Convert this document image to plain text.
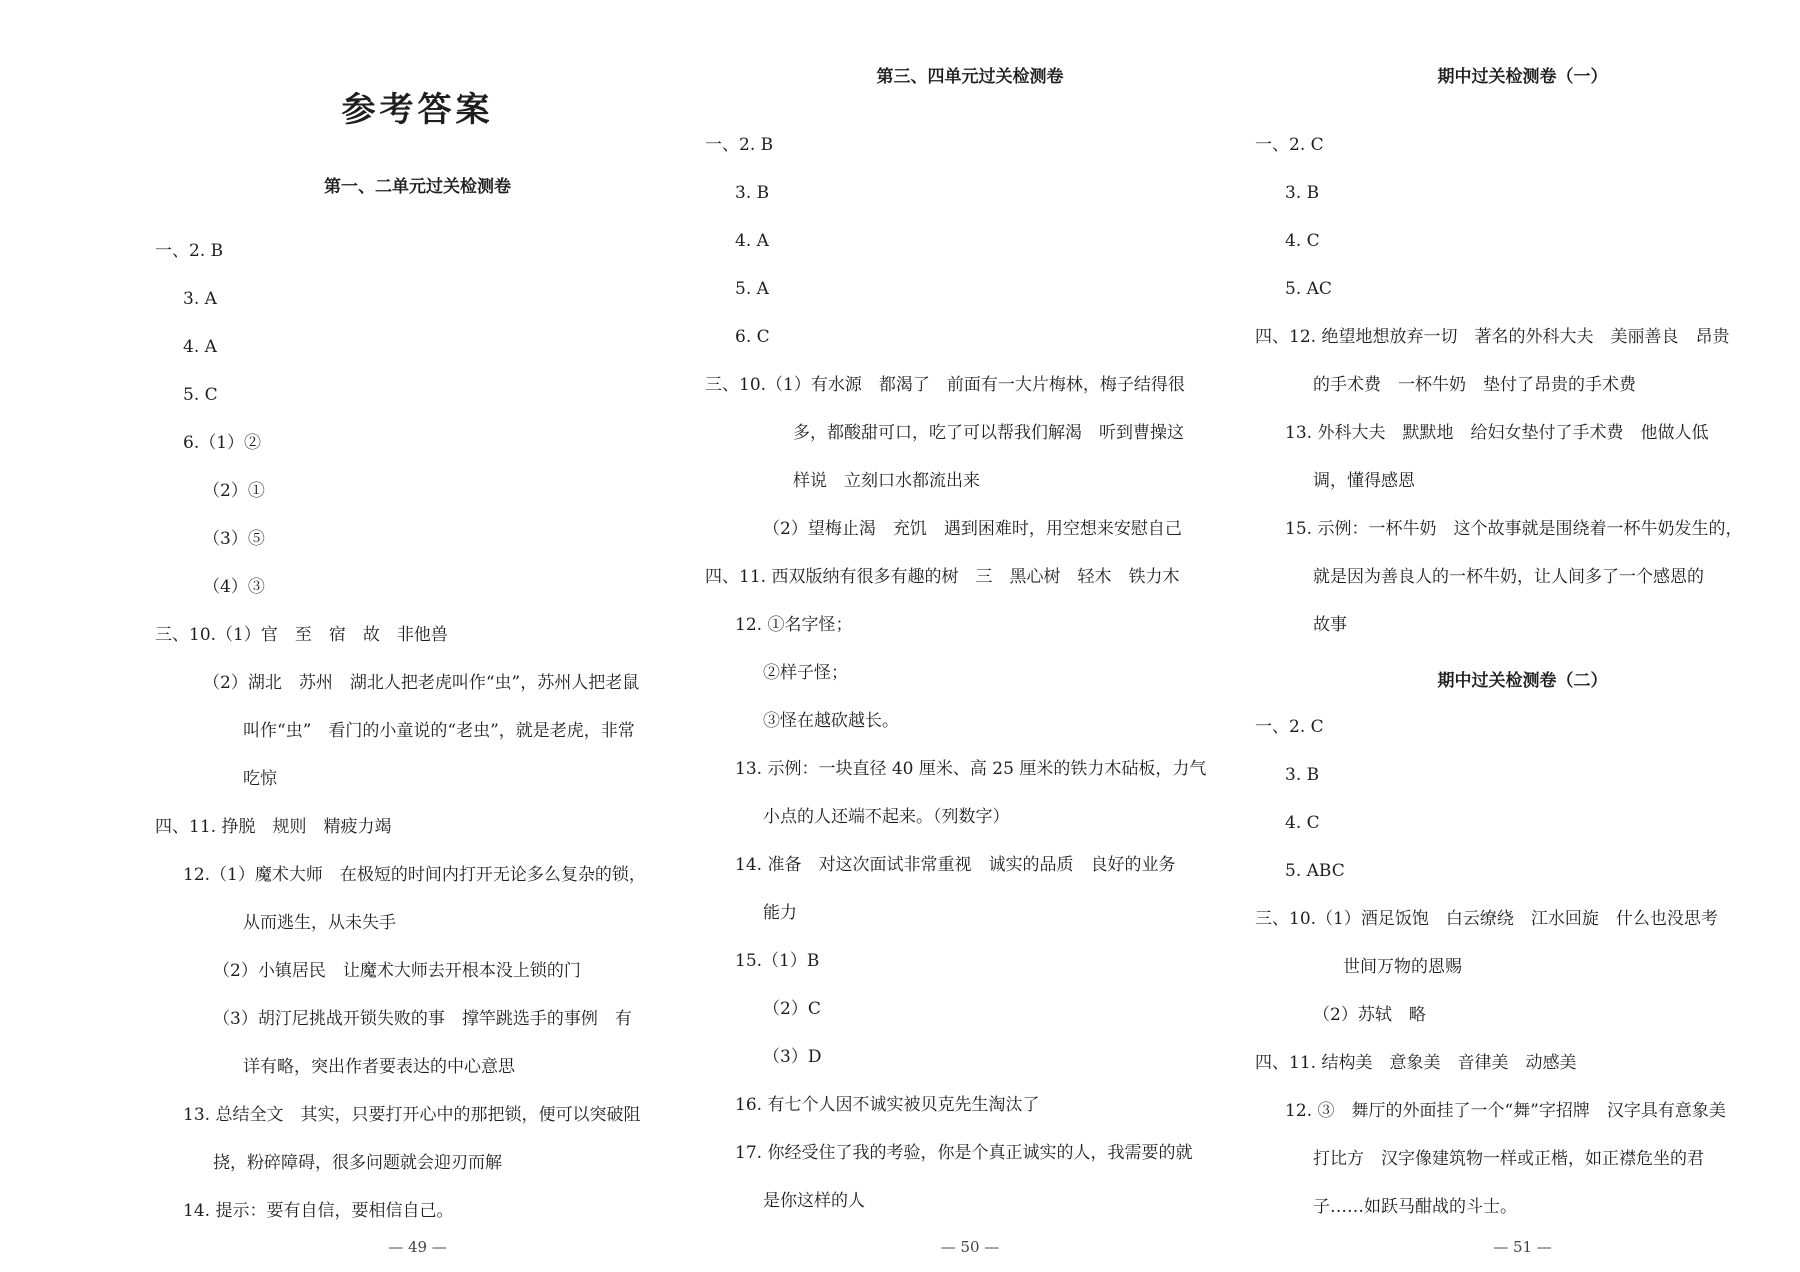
参考答案
第一、二单元过关检测卷
一、2. B
3. A
4. A
5. C
6.（1）②
（2）①
（3）⑤
（4）③
三、10.（1）官　至　宿　故　非他兽
（2）湖北　苏州　湖北人把老虎叫作“虫”，苏州人把老鼠
叫作“虫”　看门的小童说的“老虫”，就是老虎，非常
吃惊
四、11. 挣脱　规则　精疲力竭
12.（1）魔术大师　在极短的时间内打开无论多么复杂的锁，
从而逃生，从未失手
（2）小镇居民　让魔术大师去开根本没上锁的门
（3）胡汀尼挑战开锁失败的事　撑竿跳选手的事例　有
详有略，突出作者要表达的中心意思
13. 总结全文　其实，只要打开心中的那把锁，便可以突破阻
挠，粉碎障碍，很多问题就会迎刃而解
14. 提示：要有自信，要相信自己。
— 49 —
第三、四单元过关检测卷
一、2. B
3. B
4. A
5. A
6. C
三、10.（1）有水源　都渴了　前面有一大片梅林，梅子结得很
多，都酸甜可口，吃了可以帮我们解渴　听到曹操这
样说　立刻口水都流出来
（2）望梅止渴　充饥　遇到困难时，用空想来安慰自己
四、11. 西双版纳有很多有趣的树　三　黑心树　轻木　铁力木
12. ①名字怪；
②样子怪；
③怪在越砍越长。
13. 示例：一块直径 40 厘米、高 25 厘米的铁力木砧板，力气
小点的人还端不起来。（列数字）
14. 准备　对这次面试非常重视　诚实的品质　良好的业务
能力
15.（1）B
（2）C
（3）D
16. 有七个人因不诚实被贝克先生淘汰了
17. 你经受住了我的考验，你是个真正诚实的人，我需要的就
是你这样的人
— 50 —
期中过关检测卷（一）
一、2. C
3. B
4. C
5. AC
四、12. 绝望地想放弃一切　著名的外科大夫　美丽善良　昂贵
的手术费　一杯牛奶　垫付了昂贵的手术费
13. 外科大夫　默默地　给妇女垫付了手术费　他做人低
调，懂得感恩
15. 示例：一杯牛奶　这个故事就是围绕着一杯牛奶发生的，
就是因为善良人的一杯牛奶，让人间多了一个感恩的
故事
期中过关检测卷（二）
一、2. C
3. B
4. C
5. ABC
三、10.（1）酒足饭饱　白云缭绕　江水回旋　什么也没思考
世间万物的恩赐
（2）苏轼　略
四、11. 结构美　意象美　音律美　动感美
12. ③　舞厅的外面挂了一个“舞”字招牌　汉字具有意象美
打比方　汉字像建筑物一样或正楷，如正襟危坐的君
子……如跃马酣战的斗士。
— 51 —
